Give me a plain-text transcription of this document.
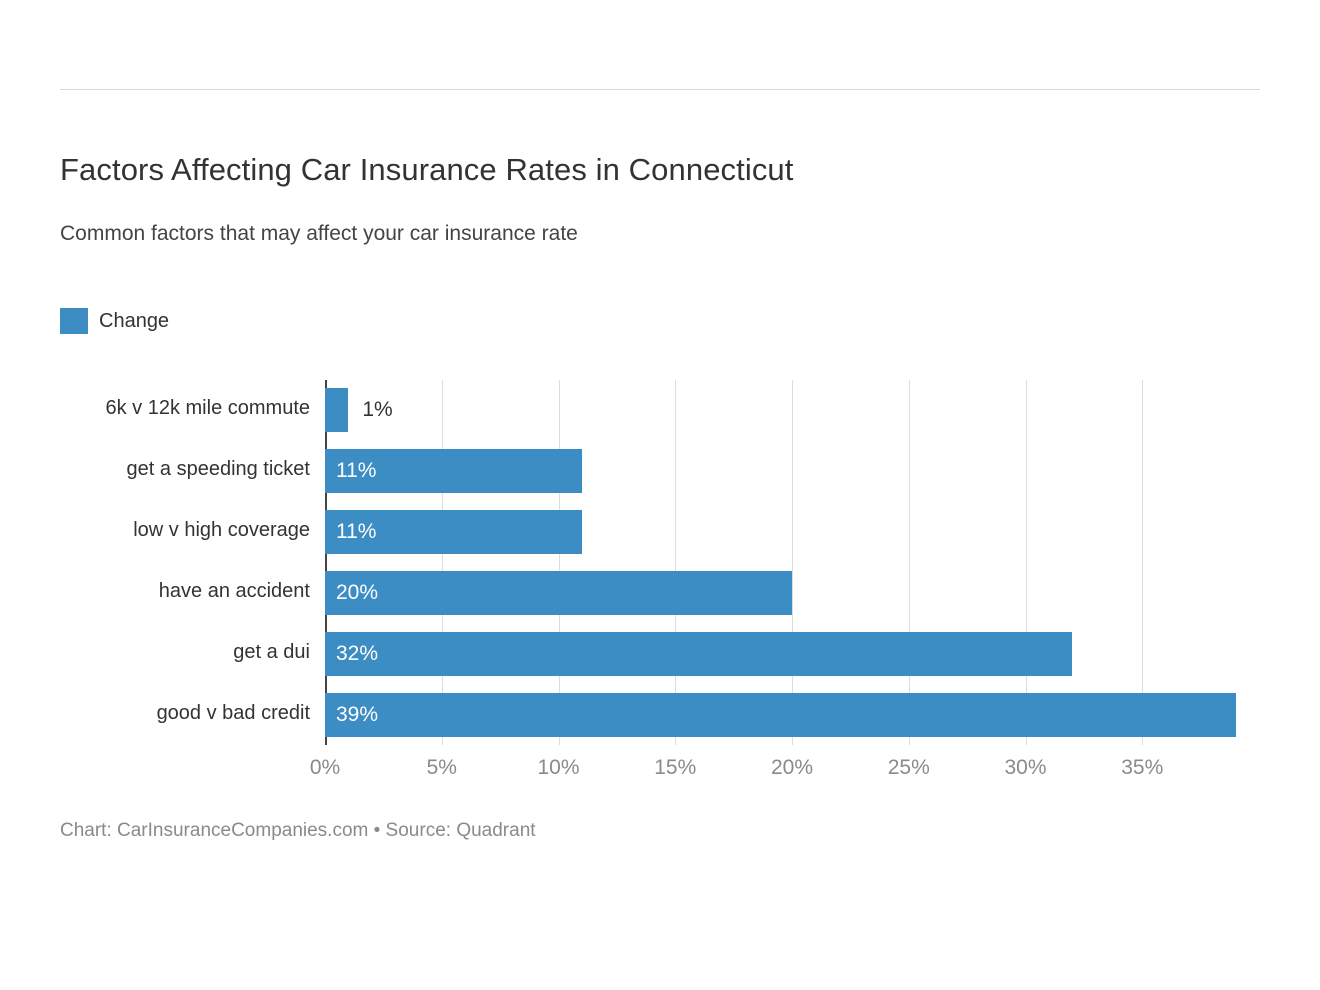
Factors Affecting Car Insurance Rates in Connecticut
Common factors that may affect your car insurance rate
Change
0%	5%	10%	15%	20%	25%	30%	35%
1%
6k v 12k mile commute
11%
get a speeding ticket
11%
low v high coverage
20%
have an accident
32%
get a dui
39%
good v bad credit
Chart: CarInsuranceCompanies.com • Source: Quadrant
